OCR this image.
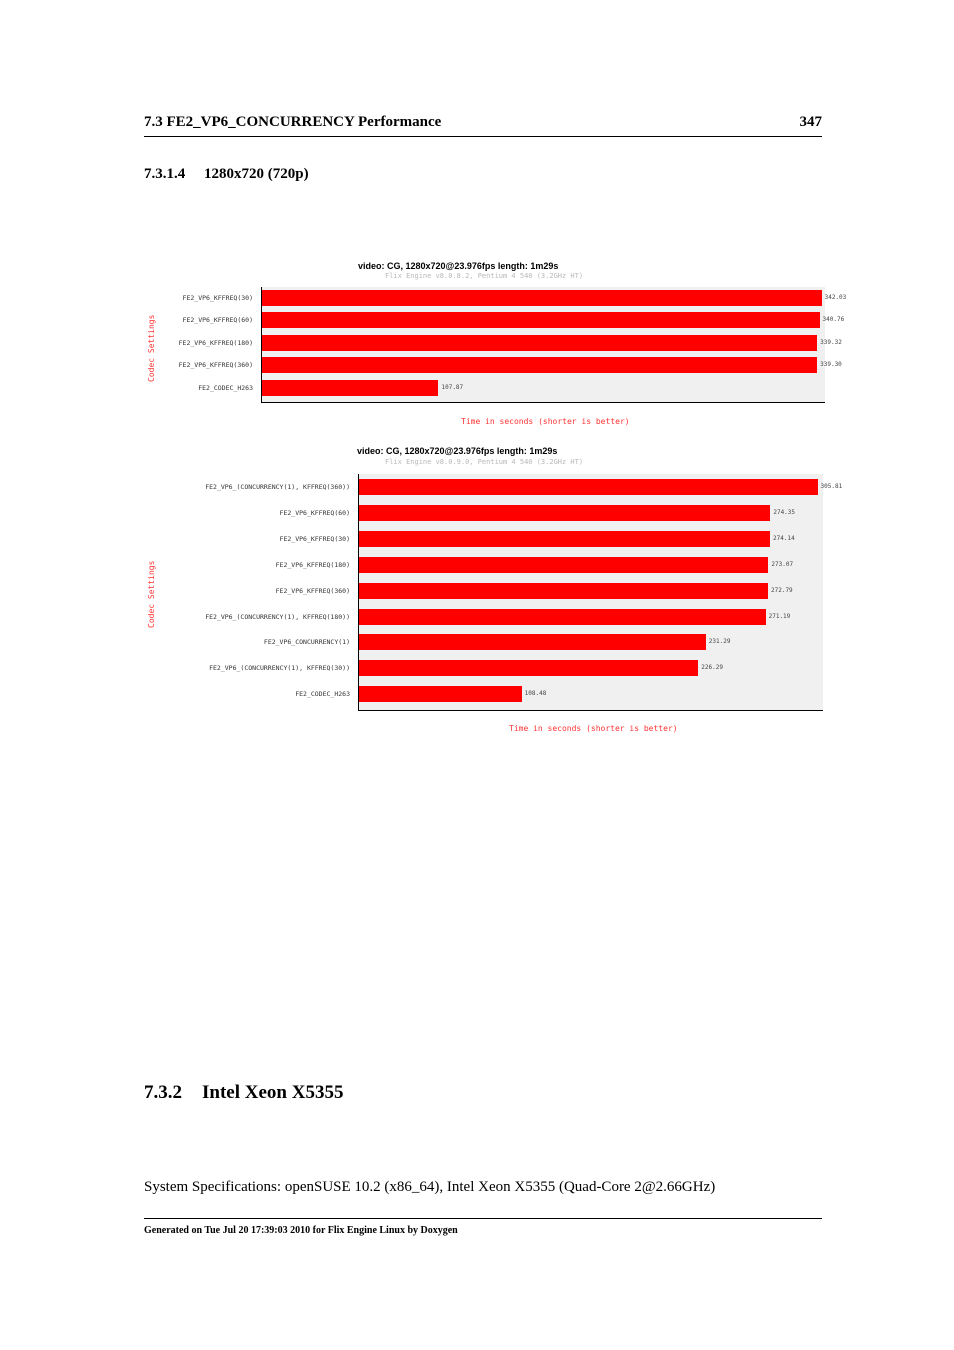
7.3 FE2_VP6_CONCURRENCY Performance	347
7.3.1.4 1280x720 (720p)
video: CG, 1280x720@23.976fps length: 1m29s
Flix Engine v8.0.8.2, Pentium 4 540 (3.2GHz HT)
Codec Settings
Time in seconds (shorter is better)
FE2_VP6_KFFREQ(30)	342.03
FE2_VP6_KFFREQ(60)	340.76
FE2_VP6_KFFREQ(180)	339.32
FE2_VP6_KFFREQ(360)	339.30
FE2_CODEC_H263	107.87
video: CG, 1280x720@23.976fps length: 1m29s
Flix Engine v8.0.9.0, Pentium 4 540 (3.2GHz HT)
Codec Settings
Time in seconds (shorter is better)
FE2_VP6_(CONCURRENCY(1), KFFREQ(360))	305.81
FE2_VP6_KFFREQ(60)	274.35
FE2_VP6_KFFREQ(30)	274.14
FE2_VP6_KFFREQ(180)	273.07
FE2_VP6_KFFREQ(360)	272.79
FE2_VP6_(CONCURRENCY(1), KFFREQ(180))	271.19
FE2_VP6_CONCURRENCY(1)	231.29
FE2_VP6_(CONCURRENCY(1), KFFREQ(30))	226.29
FE2_CODEC_H263	108.48
7.3.2 Intel Xeon X5355
System Specifications: openSUSE 10.2 (x86_64), Intel Xeon X5355 (Quad-Core 2@2.66GHz)
Generated on Tue Jul 20 17:39:03 2010 for Flix Engine Linux by Doxygen
